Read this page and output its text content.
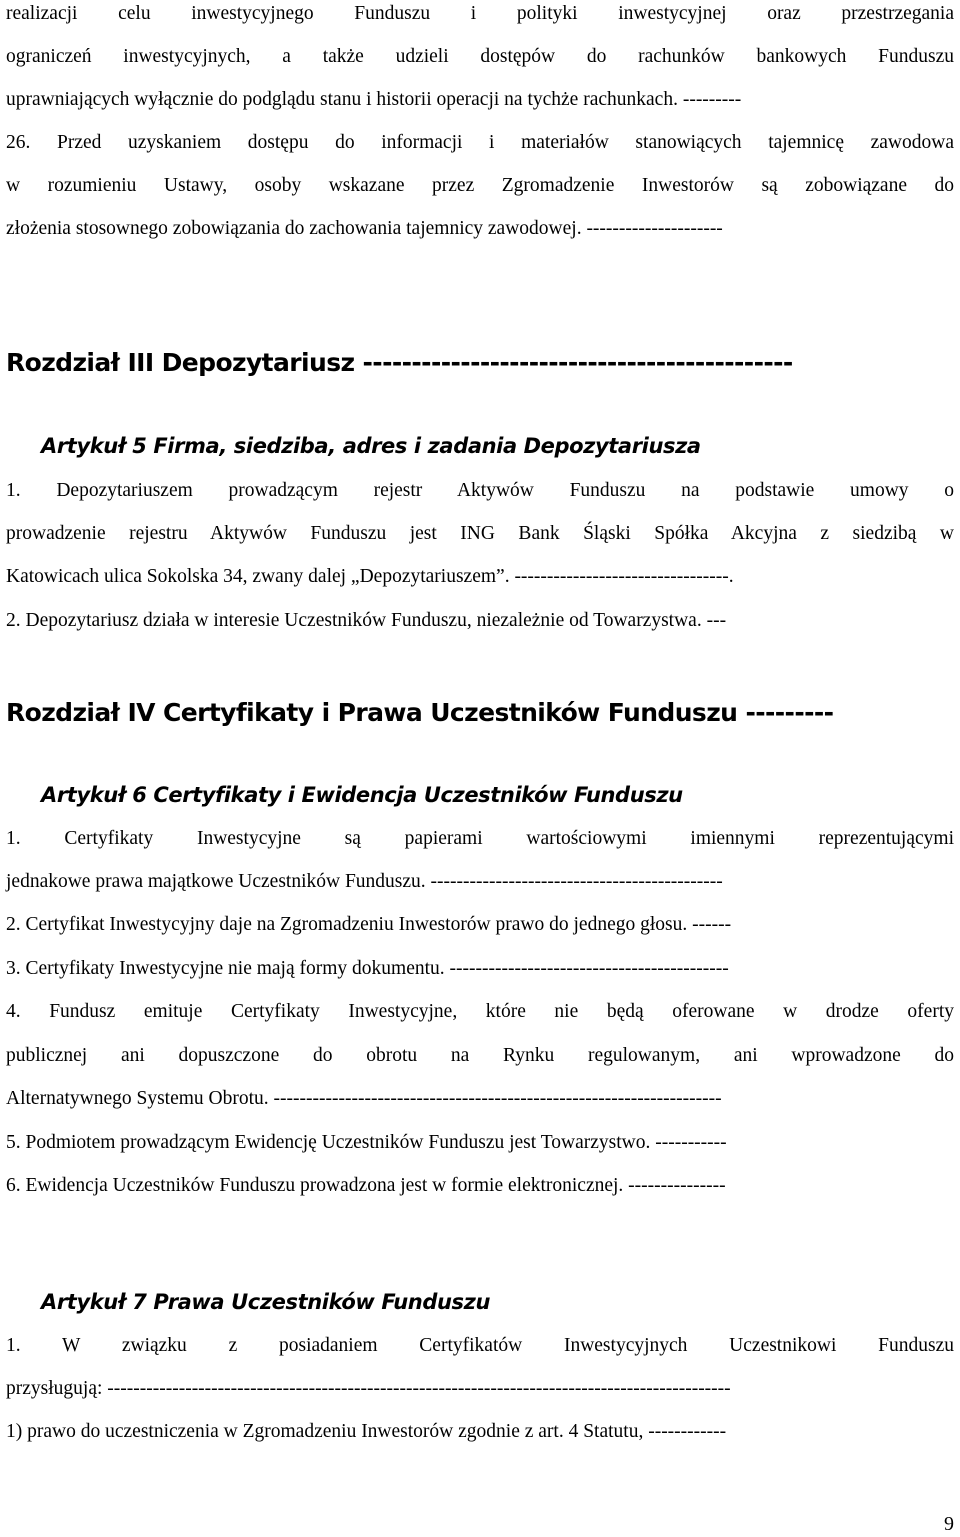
realizacji celu inwestycyjnego Funduszu i polityki inwestycyjnej oraz przestrzegania
ograniczeń inwestycyjnych, a także udzieli dostępów do rachunków bankowych Funduszu
uprawniających wyłącznie do podglądu stanu i historii operacji na tychże rachunkach. ---------
26. Przed uzyskaniem dostępu do informacji i materiałów stanowiących tajemnicę zawodowa
w rozumieniu Ustawy, osoby wskazane przez Zgromadzenie Inwestorów są zobowiązane do
złożenia stosownego zobowiązania do zachowania tajemnicy zawodowej. ---------------------
Rozdział III Depozytariusz --------------------------------------------
Artykuł 5 Firma, siedziba, adres i zadania Depozytariusza
1. Depozytariuszem prowadzącym rejestr Aktywów Funduszu na podstawie umowy o
prowadzenie rejestru Aktywów Funduszu jest ING Bank Śląski Spółka Akcyjna z siedzibą w
Katowicach ulica Sokolska 34, zwany dalej „Depozytariuszem”. ---------------------------------.
2. Depozytariusz działa w interesie Uczestników Funduszu, niezależnie od Towarzystwa. ---
Rozdział IV Certyfikaty i Prawa Uczestników Funduszu ---------
Artykuł 6 Certyfikaty i Ewidencja Uczestników Funduszu
1. Certyfikaty Inwestycyjne są papierami wartościowymi imiennymi reprezentującymi
jednakowe prawa majątkowe Uczestników Funduszu. ---------------------------------------------
2. Certyfikat Inwestycyjny daje na Zgromadzeniu Inwestorów prawo do jednego głosu. ------
3. Certyfikaty Inwestycyjne nie mają formy dokumentu. -------------------------------------------
4. Fundusz emituje Certyfikaty Inwestycyjne, które nie będą oferowane w drodze oferty
publicznej ani dopuszczone do obrotu na Rynku regulowanym, ani wprowadzone do
Alternatywnego Systemu Obrotu. ---------------------------------------------------------------------
5. Podmiotem prowadzącym Ewidencję Uczestników Funduszu jest Towarzystwo. -----------
6. Ewidencja Uczestników Funduszu prowadzona jest w formie elektronicznej. ---------------
Artykuł 7 Prawa Uczestników Funduszu
1. W związku z posiadaniem Certyfikatów Inwestycyjnych Uczestnikowi Funduszu
przysługują: ------------------------------------------------------------------------------------------------
1) prawo do uczestniczenia w Zgromadzeniu Inwestorów zgodnie z art. 4 Statutu, ------------
9
